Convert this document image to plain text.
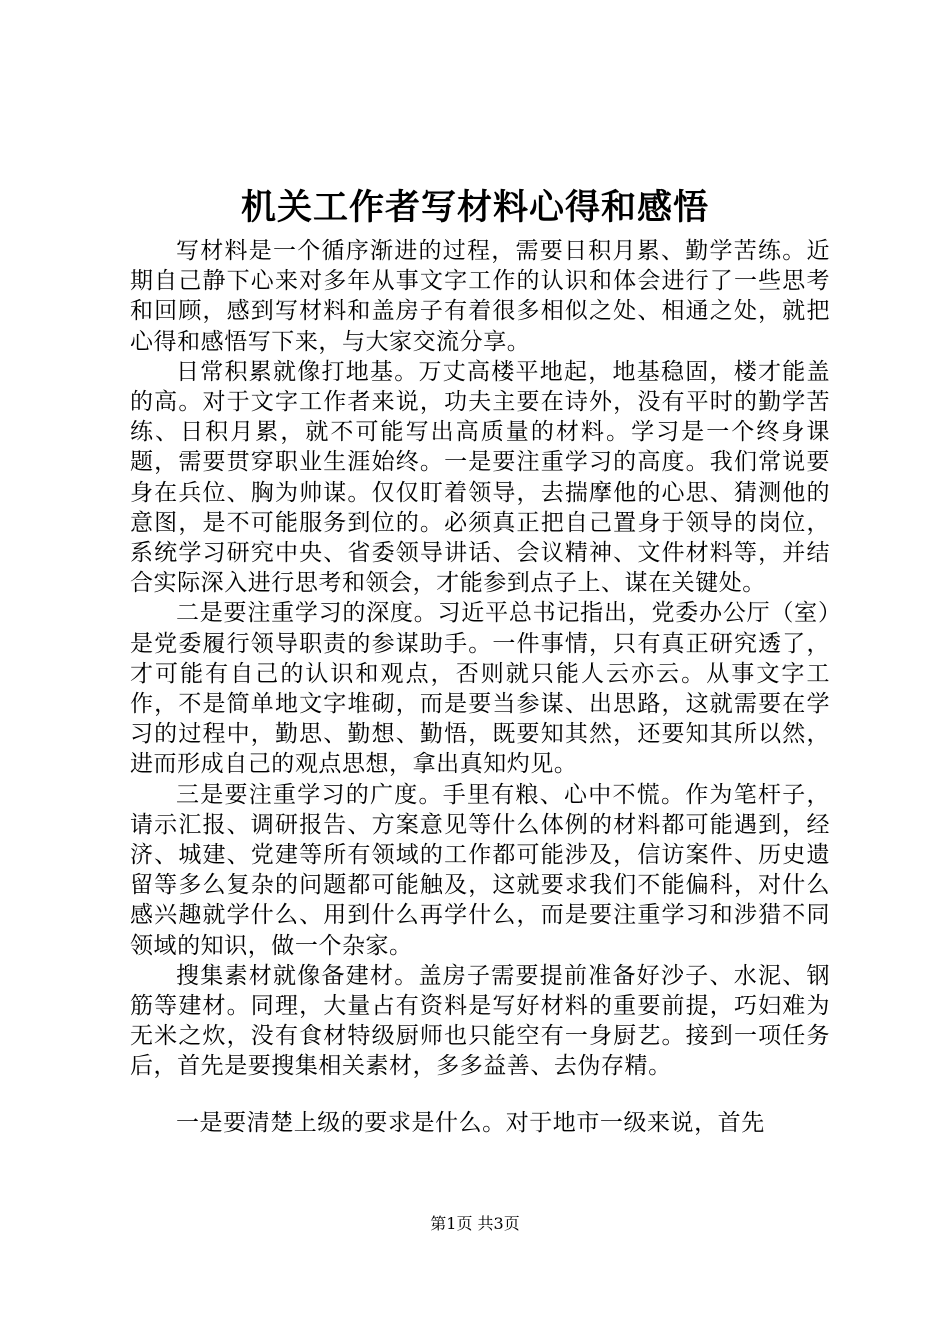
机关工作者写材料心得和感悟

写材料是一个循序渐进的过程，需要日积月累、勤学苦练。近期自己静下心来对多年从事文字工作的认识和体会进行了一些思考和回顾，感到写材料和盖房子有着很多相似之处、相通之处，就把心得和感悟写下来，与大家交流分享。

日常积累就像打地基。万丈高楼平地起，地基稳固，楼才能盖的高。对于文字工作者来说，功夫主要在诗外，没有平时的勤学苦练、日积月累，就不可能写出高质量的材料。学习是一个终身课题，需要贯穿职业生涯始终。一是要注重学习的高度。我们常说要身在兵位、胸为帅谋。仅仅盯着领导，去揣摩他的心思、猜测他的意图，是不可能服务到位的。必须真正把自己置身于领导的岗位，系统学习研究中央、省委领导讲话、会议精神、文件材料等，并结合实际深入进行思考和领会，才能参到点子上、谋在关键处。

二是要注重学习的深度。习近平总书记指出，党委办公厅（室）是党委履行领导职责的参谋助手。一件事情，只有真正研究透了，才可能有自己的认识和观点，否则就只能人云亦云。从事文字工作，不是简单地文字堆砌，而是要当参谋、出思路，这就需要在学习的过程中，勤思、勤想、勤悟，既要知其然，还要知其所以然，进而形成自己的观点思想，拿出真知灼见。

三是要注重学习的广度。手里有粮、心中不慌。作为笔杆子，请示汇报、调研报告、方案意见等什么体例的材料都可能遇到，经济、城建、党建等所有领域的工作都可能涉及，信访案件、历史遗留等多么复杂的问题都可能触及，这就要求我们不能偏科，对什么感兴趣就学什么、用到什么再学什么，而是要注重学习和涉猎不同领域的知识，做一个杂家。

搜集素材就像备建材。盖房子需要提前准备好沙子、水泥、钢筋等建材。同理，大量占有资料是写好材料的重要前提，巧妇难为无米之炊，没有食材特级厨师也只能空有一身厨艺。接到一项任务后，首先是要搜集相关素材，多多益善、去伪存精。

一是要清楚上级的要求是什么。对于地市一级来说，首先

第1页 共3页
